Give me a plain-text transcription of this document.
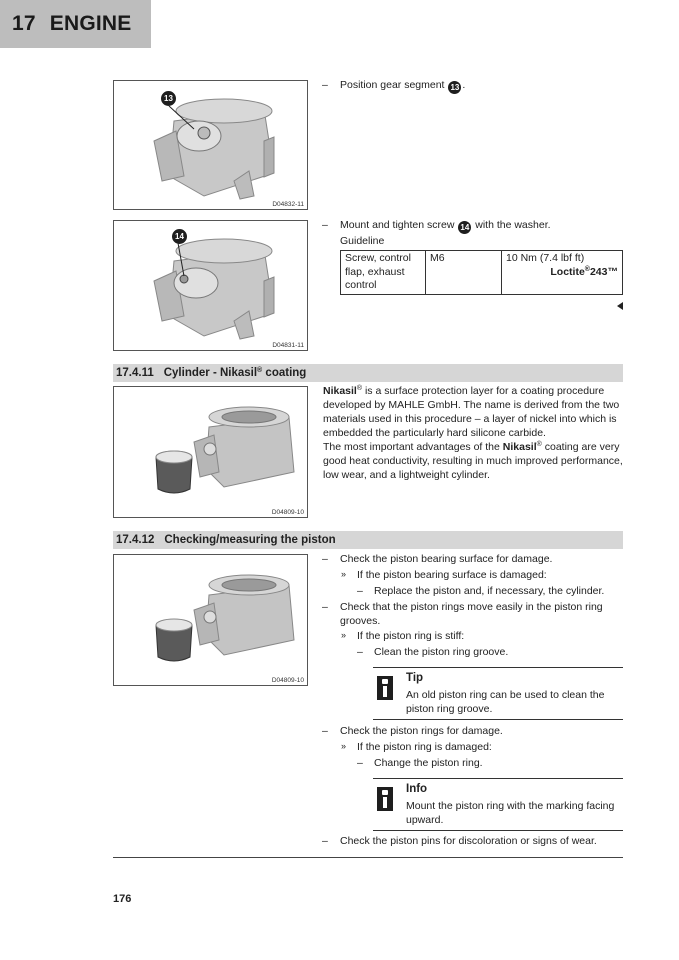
17 ENGINE
13
D04832-11
14
D04831-11
– Position gear segment 13 .
– Mount and tighten screw 14 with the washer.
Guideline
Screw, control flap, exhaust control	M6	10 Nm (7.4 lbf ft)
Loctite®243™
17.4.11 Cylinder - Nikasil® coating
D04809-10
Nikasil® is a surface protection layer for a coating procedure developed by MAHLE GmbH. The name is derived from the two materials used in this procedure – a layer of nickel into which is embedded the particularly hard silicone carbide.
The most important advantages of the Nikasil® coating are very good heat conductivity, resulting in much improved performance, low wear, and a lightweight cylinder.
17.4.12 Checking/measuring the piston
D04809-10
– Check the piston bearing surface for damage.
» If the piston bearing surface is damaged:
– Replace the piston and, if necessary, the cylinder.
– Check that the piston rings move easily in the piston ring grooves.
» If the piston ring is stiff:
– Clean the piston ring groove.
Tip
An old piston ring can be used to clean the piston ring groove.
– Check the piston rings for damage.
» If the piston ring is damaged:
– Change the piston ring.
Info
Mount the piston ring with the marking facing upward.
– Check the piston pins for discoloration or signs of wear.
176
